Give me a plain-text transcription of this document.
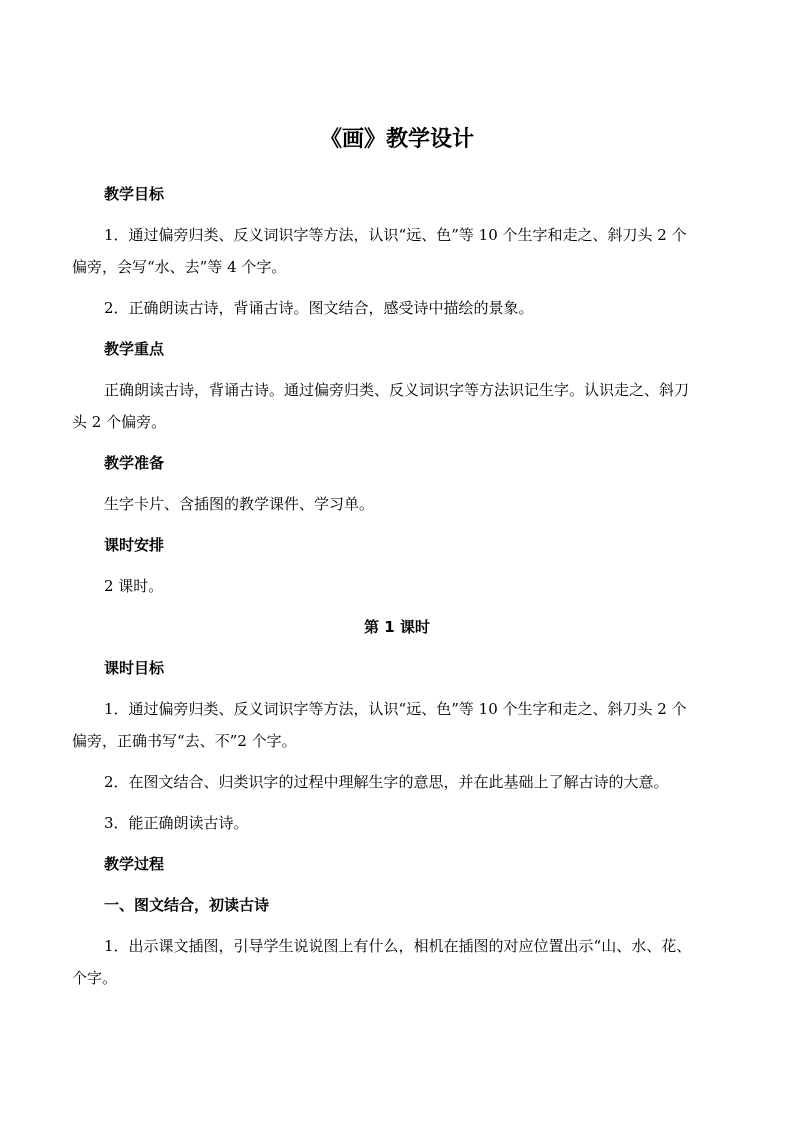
《画》教学设计
教学目标
1．通过偏旁归类、反义词识字等方法，认识“远、色”等 10 个生字和走之、斜刀头 2 个
偏旁，会写“水、去”等 4 个字。
2．正确朗读古诗，背诵古诗。图文结合，感受诗中描绘的景象。
教学重点
正确朗读古诗，背诵古诗。通过偏旁归类、反义词识字等方法识记生字。认识走之、斜刀
头 2 个偏旁。
教学准备
生字卡片、含插图的教学课件、学习单。
课时安排
2 课时。
第 1 课时
课时目标
1．通过偏旁归类、反义词识字等方法，认识“远、色”等 10 个生字和走之、斜刀头 2 个
偏旁，正确书写“去、不”2 个字。
2．在图文结合、归类识字的过程中理解生字的意思，并在此基础上了解古诗的大意。
3．能正确朗读古诗。
教学过程
一、图文结合，初读古诗
1．出示课文插图，引导学生说说图上有什么，相机在插图的对应位置出示“山、水、花、
个字。
